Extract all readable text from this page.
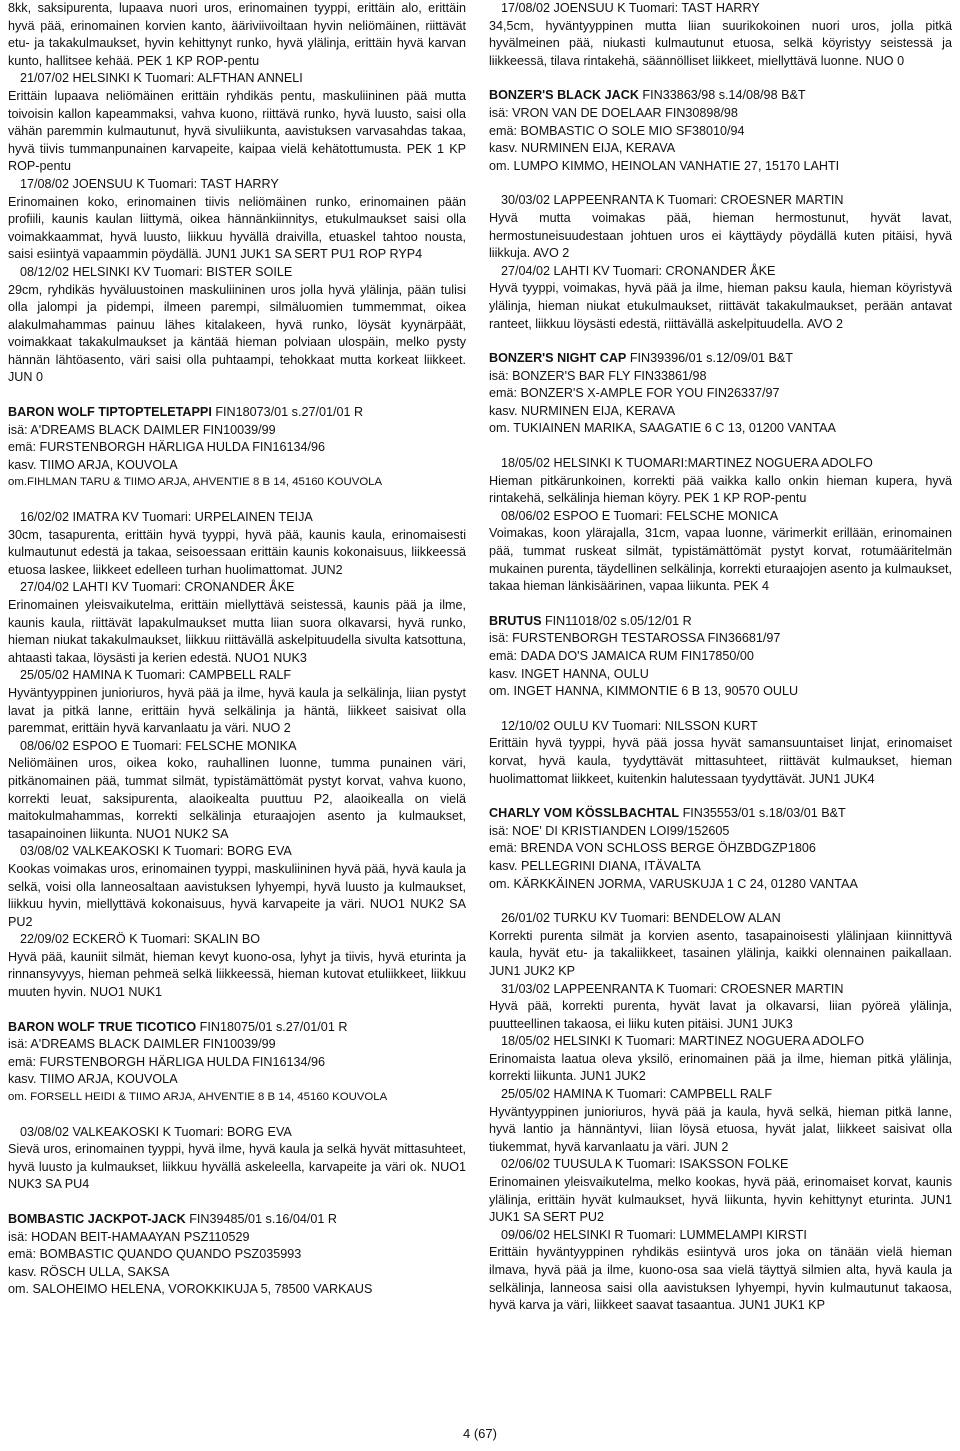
8kk, saksipurenta, lupaava nuori uros, erinomainen tyyppi, erittäin alo, erittäin hyvä pää, erinomainen korvien kanto, ääriviivoiltaan hyvin neliömäinen, riittävät etu- ja takakulmaukset, hyvin kehittynyt runko, hyvä ylälinja, erittäin hyvä karvan kunto, hallitsee kehää. PEK 1 KP ROP-pentu
21/07/02 HELSINKI K Tuomari: ALFTHAN ANNELI
Erittäin lupaava neliömäinen erittäin ryhdikäs pentu, maskuliininen pää mutta toivoisin kallon kapeammaksi, vahva kuono, riittävä runko, hyvä luusto, saisi olla vähän paremmin kulmautunut, hyvä sivuliikunta, aavistuksen varvasahdas takaa, hyvä tiivis tummanpunainen karvapeite, kaipaa vielä kehätottumusta. PEK 1 KP ROP-pentu
17/08/02 JOENSUU K Tuomari: TAST HARRY
Erinomainen koko, erinomainen tiivis neliömäinen runko, erinomainen pään profiili, kaunis kaulan liittymä, oikea hännänkiinnitys, etukulmaukset saisi olla voimakkaammat, hyvä luusto, liikkuu hyvällä draivilla, etuaskel tahtoo nousta, saisi esiintyä vapaammin pöydällä. JUN1 JUK1 SA SERT PU1 ROP RYP4
08/12/02 HELSINKI KV Tuomari: BISTER SOILE
29cm, ryhdikäs hyväluustoinen maskuliininen uros jolla hyvä ylälinja, pään tulisi olla jalompi ja pidempi, ilmeen parempi, silmäluomien tummemmat, oikea alakulmahammas painuu lähes kitalakeen, hyvä runko, löysät kyynärpäät, voimakkaat takakulmaukset ja käntää hieman polviaan ulospäin, melko pysty hännän lähtöasento, väri saisi olla puhtaampi, tehokkaat mutta korkeat liikkeet. JUN 0
BARON WOLF TIPTOPTELETAPPI FIN18073/01 s.27/01/01 R
isä: A'DREAMS BLACK DAIMLER FIN10039/99
emä: FURSTENBORGH HÄRLIGA HULDA FIN16134/96
kasv. TIIMO ARJA, KOUVOLA
om.FIHLMAN TARU & TIIMO ARJA, AHVENTIE 8 B 14, 45160 KOUVOLA
16/02/02 IMATRA KV Tuomari: URPELAINEN TEIJA
30cm, tasapurenta, erittäin hyvä tyyppi, hyvä pää, kaunis kaula, erinomaisesti kulmautunut edestä ja takaa, seisoessaan erittäin kaunis kokonaisuus, liikkeessä etuosa laskee, liikkeet edelleen turhan huolimattomat. JUN2
27/04/02 LAHTI KV Tuomari: CRONANDER ÅKE
Erinomainen yleisvaikutelma, erittäin miellyttävä seistessä, kaunis pää ja ilme, kaunis kaula, riittävät lapakulmaukset mutta liian suora olkavarsi, hyvä runko, hieman niukat takakulmaukset, liikkuu riittävällä askelpituudella sivulta katsottuna, ahtaasti takaa, löysästi ja kerien edestä. NUO1 NUK3
25/05/02 HAMINA K Tuomari: CAMPBELL RALF
Hyväntyyppinen junioriuros, hyvä pää ja ilme, hyvä kaula ja selkälinja, liian pystyt lavat ja pitkä lanne, erittäin hyvä selkälinja ja häntä, liikkeet saisivat olla paremmat, erittäin hyvä karvanlaatu ja väri. NUO 2
08/06/02 ESPOO E Tuomari: FELSCHE MONIKA
Neliömäinen uros, oikea koko, rauhallinen luonne, tumma punainen väri, pitkänomainen pää, tummat silmät, typistämättömät pystyt korvat, vahva kuono, korrekti leuat, saksipurenta, alaoikealta puuttuu P2, alaoikealla on vielä maitokulmahammas, korrekti selkälinja eturaajojen asento ja kulmaukset, tasapainoinen liikunta. NUO1 NUK2 SA
03/08/02 VALKEAKOSKI K Tuomari: BORG EVA
Kookas voimakas uros, erinomainen tyyppi, maskuliininen hyvä pää, hyvä kaula ja selkä, voisi olla lanneosaltaan aavistuksen lyhyempi, hyvä luusto ja kulmaukset, liikkuu hyvin, miellyttävä kokonaisuus, hyvä karvapeite ja väri. NUO1 NUK2 SA PU2
22/09/02 ECKERÖ K Tuomari: SKALIN BO
Hyvä pää, kauniit silmät, hieman kevyt kuono-osa, lyhyt ja tiivis, hyvä eturinta ja rinnansyvyys, hieman pehmeä selkä liikkeessä, hieman kutovat etuliikkeet, liikkuu muuten hyvin. NUO1 NUK1
BARON WOLF TRUE TICOTICO FIN18075/01 s.27/01/01 R
isä: A'DREAMS BLACK DAIMLER FIN10039/99
emä: FURSTENBORGH HÄRLIGA HULDA FIN16134/96
kasv. TIIMO ARJA, KOUVOLA
om. FORSELL HEIDI & TIIMO ARJA, AHVENTIE 8 B 14, 45160 KOUVOLA
03/08/02 VALKEAKOSKI K Tuomari: BORG EVA
Sievä uros, erinomainen tyyppi, hyvä ilme, hyvä kaula ja selkä hyvät mittasuhteet, hyvä luusto ja kulmaukset, liikkuu hyvällä askeleella, karvapeite ja väri ok. NUO1 NUK3 SA PU4
BOMBASTIC JACKPOT-JACK FIN39485/01 s.16/04/01 R
isä: HODAN BEIT-HAMAAYAN PSZ110529
emä: BOMBASTIC QUANDO QUANDO PSZ035993
kasv. RÖSCH ULLA, SAKSA
om. SALOHEIMO HELENA, VOROKKIKUJA 5, 78500 VARKAUS
17/08/02 JOENSUU K Tuomari: TAST HARRY
34,5cm, hyväntyyppinen mutta liian suurikokoinen nuori uros, jolla pitkä hyvälmeinen pää, niukasti kulmautunut etuosa, selkä köyristyy seistessä ja liikkeessä, tilava rintakehä, säännölliset liikkeet, miellyttävä luonne. NUO 0
BONZER'S BLACK JACK FIN33863/98 s.14/08/98 B&T
isä: VRON VAN DE DOELAAR FIN30898/98
emä: BOMBASTIC O SOLE MIO SF38010/94
kasv. NURMINEN EIJA, KERAVA
om. LUMPO KIMMO, HEINOLAN VANHATIE 27, 15170 LAHTI
30/03/02 LAPPEENRANTA K Tuomari: CROESNER MARTIN
Hyvä mutta voimakas pää, hieman hermostunut, hyvät lavat, hermostuneisuudestaan johtuen uros ei käyttäydy pöydällä kuten pitäisi, hyvä liikkuja. AVO 2
27/04/02 LAHTI KV Tuomari: CRONANDER ÅKE
Hyvä tyyppi, voimakas, hyvä pää ja ilme, hieman paksu kaula, hieman köyristyvä ylälinja, hieman niukat etukulmaukset, riittävät takakulmaukset, perään antavat ranteet, liikkuu löysästi edestä, riittävällä askelpituudella. AVO 2
BONZER'S NIGHT CAP FIN39396/01 s.12/09/01 B&T
isä: BONZER'S BAR FLY FIN33861/98
emä: BONZER'S X-AMPLE FOR YOU FIN26337/97
kasv. NURMINEN EIJA, KERAVA
om. TUKIAINEN MARIKA, SAAGATIE 6 C 13, 01200 VANTAA
18/05/02 HELSINKI K TUOMARI:MARTINEZ NOGUERA ADOLFO
Hieman pitkärunkoinen, korrekti pää vaikka kallo onkin hieman kupera, hyvä rintakehä, selkälinja hieman köyry. PEK 1 KP ROP-pentu
08/06/02 ESPOO E Tuomari: FELSCHE MONICA
Voimakas, koon ylärajalla, 31cm, vapaa luonne, värimerkit erillään, erinomainen pää, tummat ruskeat silmät, typistämättömät pystyt korvat, rotumääritelmän mukainen purenta, täydellinen selkälinja, korrekti eturaajojen asento ja kulmaukset, takaa hieman länkisäärinen, vapaa liikunta. PEK 4
BRUTUS FIN11018/02 s.05/12/01 R
isä: FURSTENBORGH TESTAROSSA FIN36681/97
emä: DADA DO'S JAMAICA RUM FIN17850/00
kasv. INGET HANNA, OULU
om. INGET HANNA, KIMMONTIE 6 B 13, 90570 OULU
12/10/02 OULU KV Tuomari: NILSSON KURT
Erittäin hyvä tyyppi, hyvä pää jossa hyvät samansuuntaiset linjat, erinomaiset korvat, hyvä kaula, tyydyttävät mittasuhteet, riittävät kulmaukset, hieman huolimattomat liikkeet, kuitenkin halutessaan tyydyttävät. JUN1 JUK4
CHARLY VOM KÖSSLBACHTAL FIN35553/01 s.18/03/01 B&T
isä: NOE' DI KRISTIANDEN LOI99/152605
emä: BRENDA VON SCHLOSS BERGE ÖHZBDGZP1806
kasv. PELLEGRINI DIANA, ITÄVALTA
om. KÄRKKÄINEN JORMA, VARUSKUJA 1 C 24, 01280 VANTAA
26/01/02 TURKU KV Tuomari: BENDELOW ALAN
Korrekti purenta silmät ja korvien asento, tasapainoisesti ylälinjaan kiinnittyvä kaula, hyvät etu- ja takaliikkeet, tasainen ylälinja, kaikki olennainen paikallaan. JUN1 JUK2 KP
31/03/02 LAPPEENRANTA K Tuomari: CROESNER MARTIN
Hyvä pää, korrekti purenta, hyvät lavat ja olkavarsi, liian pyöreä ylälinja, puutteellinen takaosa, ei liiku kuten pitäisi. JUN1 JUK3
18/05/02 HELSINKI K Tuomari: MARTINEZ NOGUERA ADOLFO
Erinomaista laatua oleva yksilö, erinomainen pää ja ilme, hieman pitkä ylälinja, korrekti liikunta. JUN1 JUK2
25/05/02 HAMINA K Tuomari: CAMPBELL RALF
Hyväntyyppinen junioriuros, hyvä pää ja kaula, hyvä selkä, hieman pitkä lanne, hyvä lantio ja hännäntyvi, liian löysä etuosa, hyvät jalat, liikkeet saisivat olla tiukemmat, hyvä karvanlaatu ja väri. JUN 2
02/06/02 TUUSULA K Tuomari: ISAKSSON FOLKE
Erinomainen yleisvaikutelma, melko kookas, hyvä pää, erinomaiset korvat, kaunis ylälinja, erittäin hyvät kulmaukset, hyvä liikunta, hyvin kehittynyt eturinta. JUN1 JUK1 SA SERT PU2
09/06/02 HELSINKI R Tuomari: LUMMELAMPI KIRSTI
Erittäin hyväntyyppinen ryhdikäs esiintyvä uros joka on tänään vielä hieman ilmava, hyvä pää ja ilme, kuono-osa saa vielä täyttyä silmien alta, hyvä kaula ja selkälinja, lanneosa saisi olla aavistuksen lyhyempi, hyvin kulmautunut takaosa, hyvä karva ja väri, liikkeet saavat tasaantua. JUN1 JUK1 KP
4 (67)
